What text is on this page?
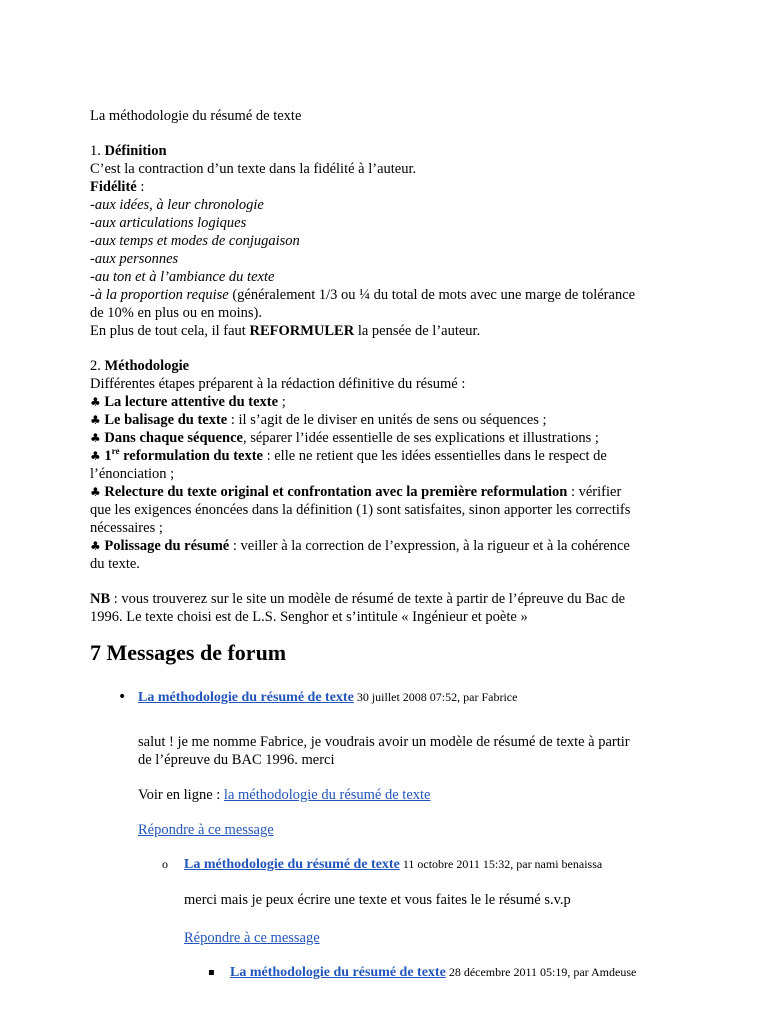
La méthodologie du résumé de texte
1. Définition
C’est la contraction d’un texte dans la fidélité à l’auteur.
Fidélité :
-aux idées, à leur chronologie
-aux articulations logiques
-aux temps et modes de conjugaison
-aux personnes
-au ton et à l’ambiance du texte
-à la proportion requise (généralement 1/3 ou ¼ du total de mots avec une marge de tolérance
de 10% en plus ou en moins).
En plus de tout cela, il faut REFORMULER la pensée de l’auteur.
2. Méthodologie
Différentes étapes préparent à la rédaction définitive du résumé :
♣ La lecture attentive du texte ;
♣ Le balisage du texte : il s’agit de le diviser en unités de sens ou séquences ;
♣ Dans chaque séquence, séparer l’idée essentielle de ses explications et illustrations ;
♣ 1re reformulation du texte : elle ne retient que les idées essentielles dans le respect de
l’énonciation ;
♣ Relecture du texte original et confrontation avec la première reformulation : vérifier
que les exigences énoncées dans la définition (1) sont satisfaites, sinon apporter les correctifs
nécessaires ;
♣ Polissage du résumé : veiller à la correction de l’expression, à la rigueur et à la cohérence
du texte.
NB : vous trouverez sur le site un modèle de résumé de texte à partir de l’épreuve du Bac de
1996. Le texte choisi est de L.S. Senghor et s’intitule « Ingénieur et poète »
7 Messages de forum
• La méthodologie du résumé de texte 30 juillet 2008 07:52, par Fabrice
salut ! je me nomme Fabrice, je voudrais avoir un modèle de résumé de texte à partir
de l’épreuve du BAC 1996. merci
Voir en ligne : la méthodologie du résumé de texte
Répondre à ce message
o La méthodologie du résumé de texte 11 octobre 2011 15:32, par nami benaissa
merci mais je peux écrire une texte et vous faites le le résumé s.v.p
Répondre à ce message
▪ La méthodologie du résumé de texte 28 décembre 2011 05:19, par Amdeuse
